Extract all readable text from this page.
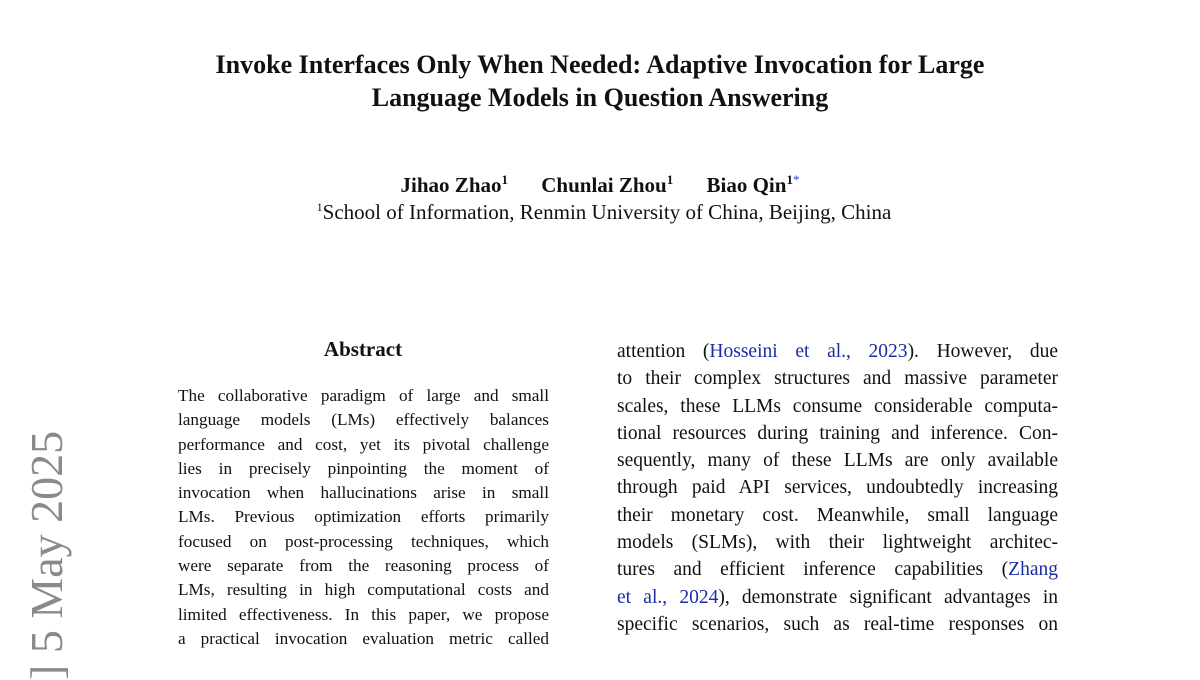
Invoke Interfaces Only When Needed: Adaptive Invocation for Large
Language Models in Question Answering
Jihao Zhao$^1$ Chunlai Zhou$^1$ Biao Qin$^{1*}$
$^1$School of Information, Renmin University of China, Beijing, China
Abstract
The collaborative paradigm of large and small
language models (LMs) effectively balances
performance and cost, yet its pivotal challenge
lies in precisely pinpointing the moment of
invocation when hallucinations arise in small
LMs. Previous optimization efforts primarily
focused on post-processing techniques, which
were separate from the reasoning process of
LMs, resulting in high computational costs and
limited effectiveness. In this paper, we propose
a practical invocation evaluation metric called
attention (Hosseini et al., 2023). However, due
to their complex structures and massive parameter
scales, these LLMs consume considerable computa-
tional resources during training and inference. Con-
sequently, many of these LLMs are only available
through paid API services, undoubtedly increasing
their monetary cost. Meanwhile, small language
models (SLMs), with their lightweight architec-
tures and efficient inference capabilities (Zhang
et al., 2024), demonstrate significant advantages in
specific scenarios, such as real-time responses on
] 5 May 2025
